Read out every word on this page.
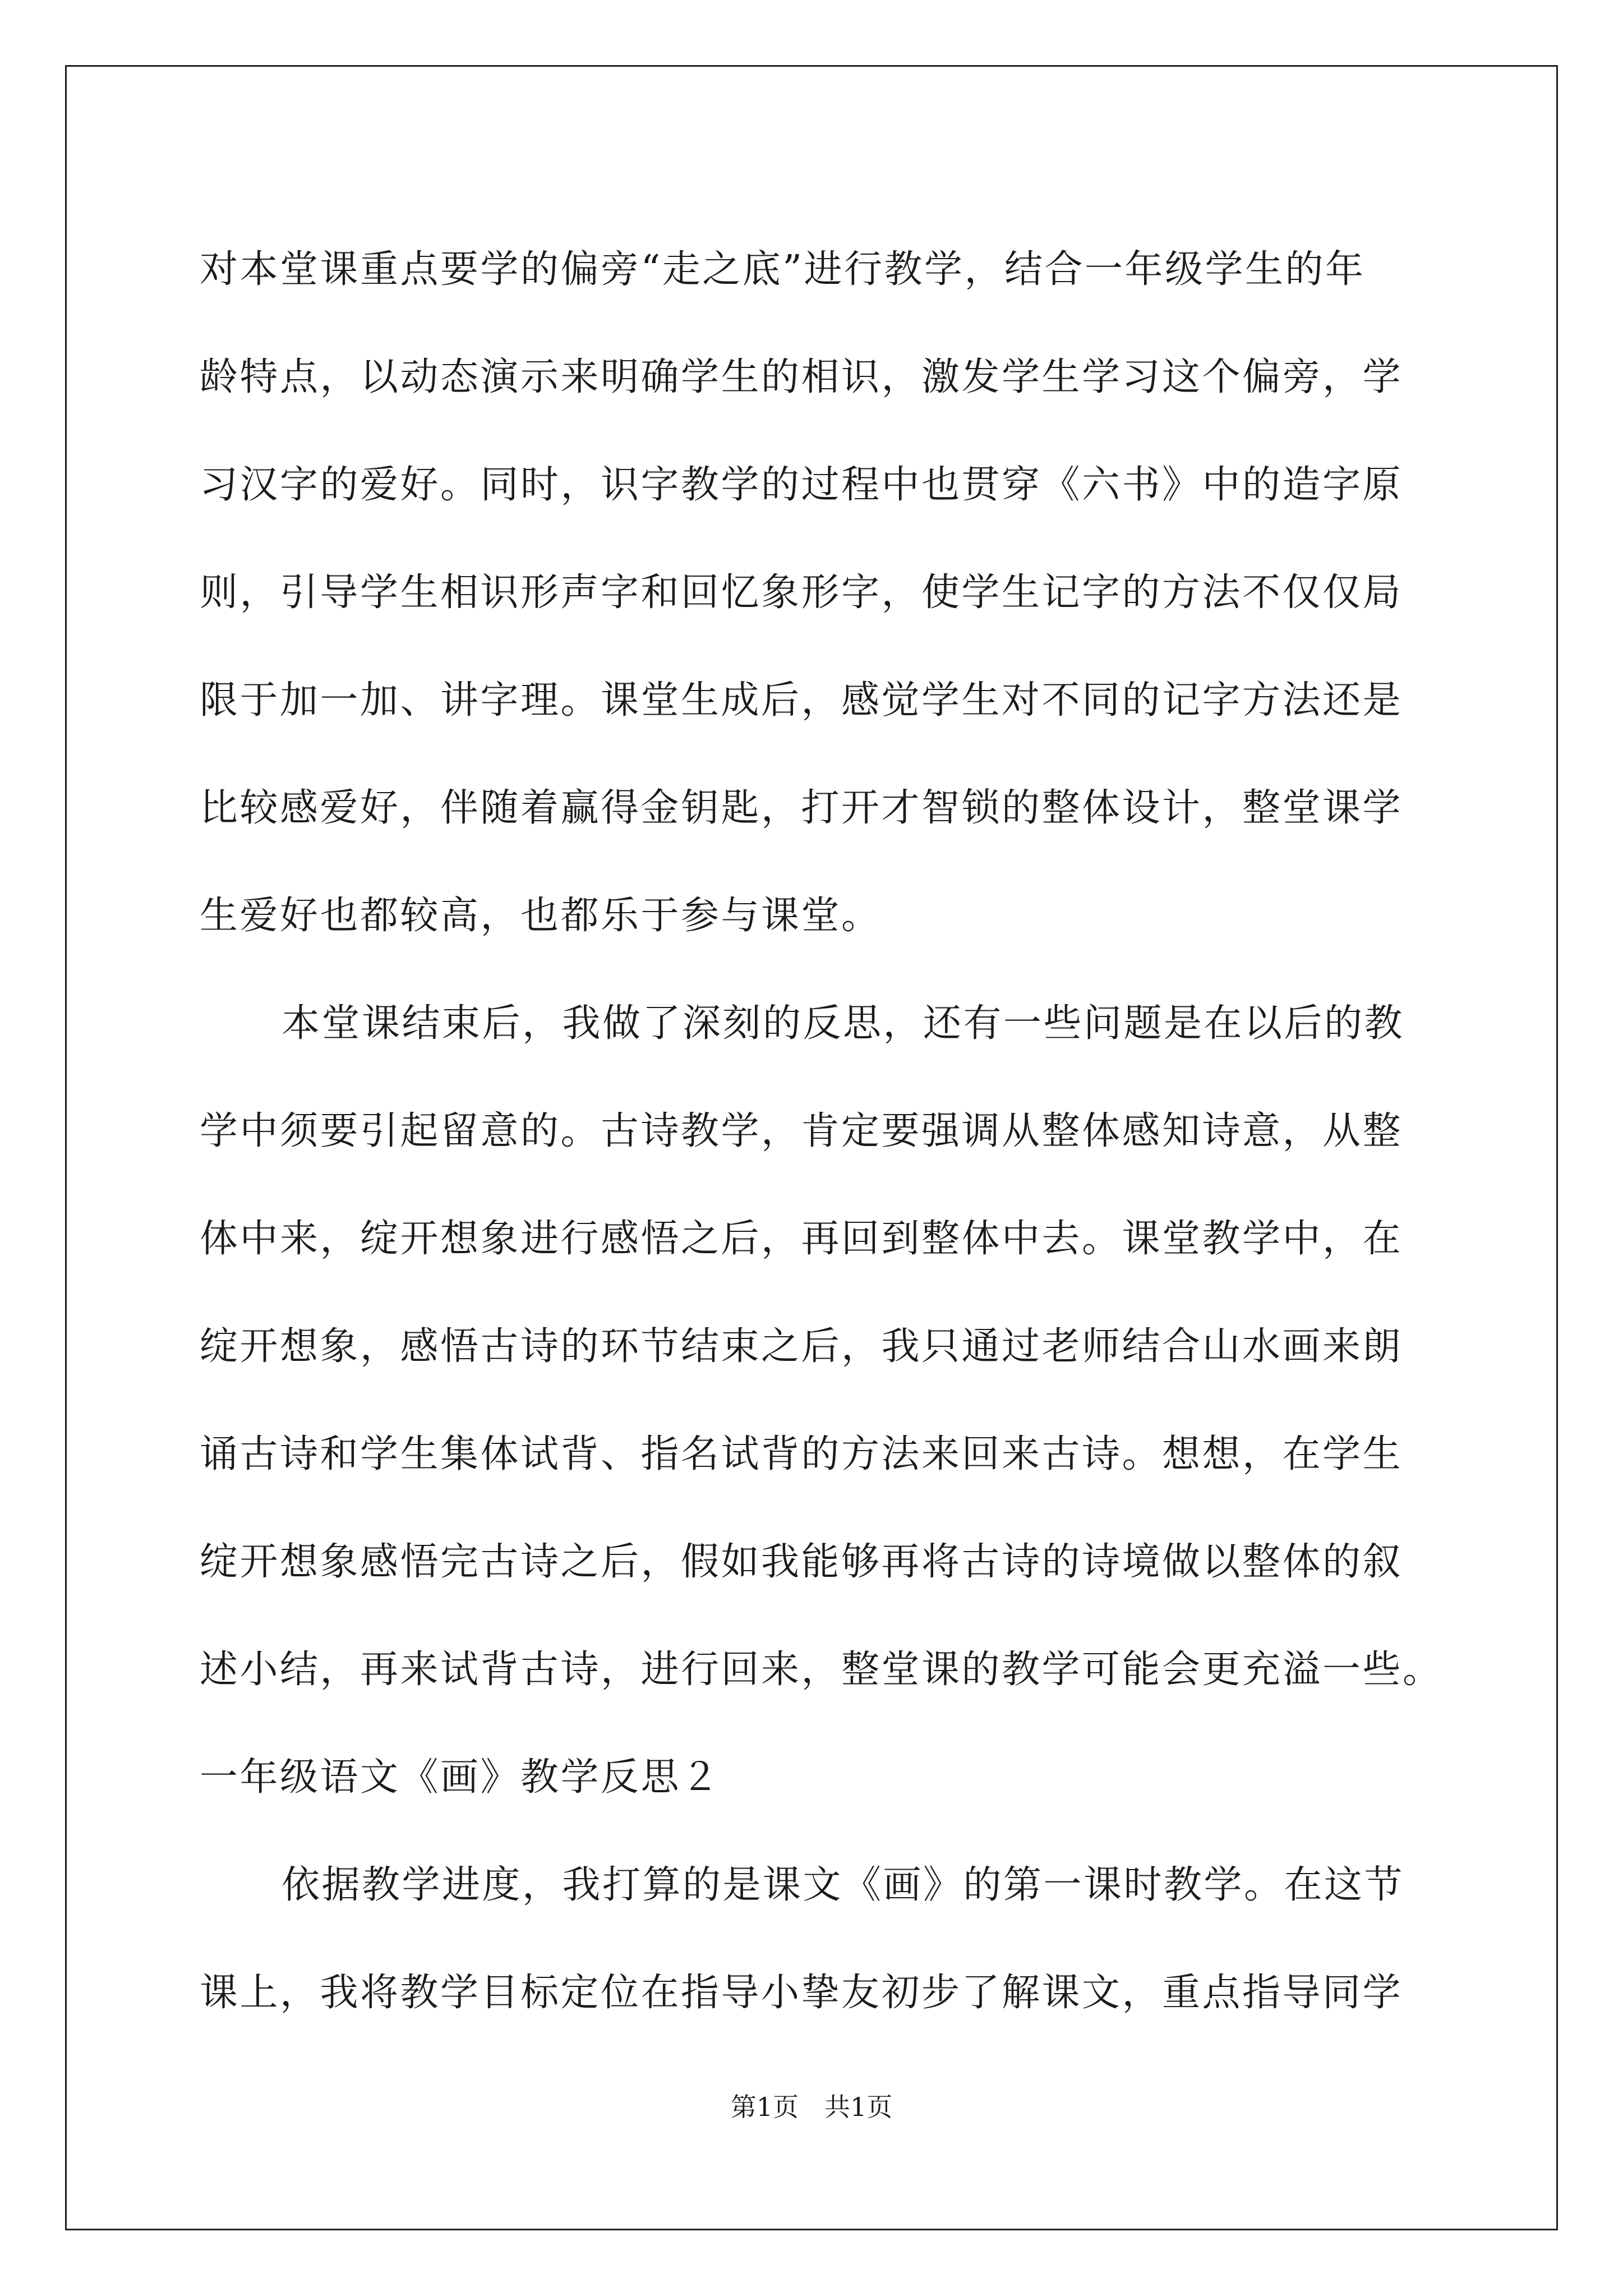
对本堂课重点要学的偏旁“走之底”进行教学，结合一年级学生的年
龄特点，以动态演示来明确学生的相识，激发学生学习这个偏旁，学
习汉字的爱好。同时，识字教学的过程中也贯穿《六书》中的造字原
则，引导学生相识形声字和回忆象形字，使学生记字的方法不仅仅局
限于加一加、讲字理。课堂生成后，感觉学生对不同的记字方法还是
比较感爱好，伴随着赢得金钥匙，打开才智锁的整体设计，整堂课学
生爱好也都较高，也都乐于参与课堂。
本堂课结束后，我做了深刻的反思，还有一些问题是在以后的教
学中须要引起留意的。古诗教学，肯定要强调从整体感知诗意，从整
体中来，绽开想象进行感悟之后，再回到整体中去。课堂教学中，在
绽开想象，感悟古诗的环节结束之后，我只通过老师结合山水画来朗
诵古诗和学生集体试背、指名试背的方法来回来古诗。想想，在学生
绽开想象感悟完古诗之后，假如我能够再将古诗的诗境做以整体的叙
述小结，再来试背古诗，进行回来，整堂课的教学可能会更充溢一些。
一年级语文《画》教学反思２
依据教学进度，我打算的是课文《画》的第一课时教学。在这节
课上，我将教学目标定位在指导小挚友初步了解课文，重点指导同学
第1页　共1页
